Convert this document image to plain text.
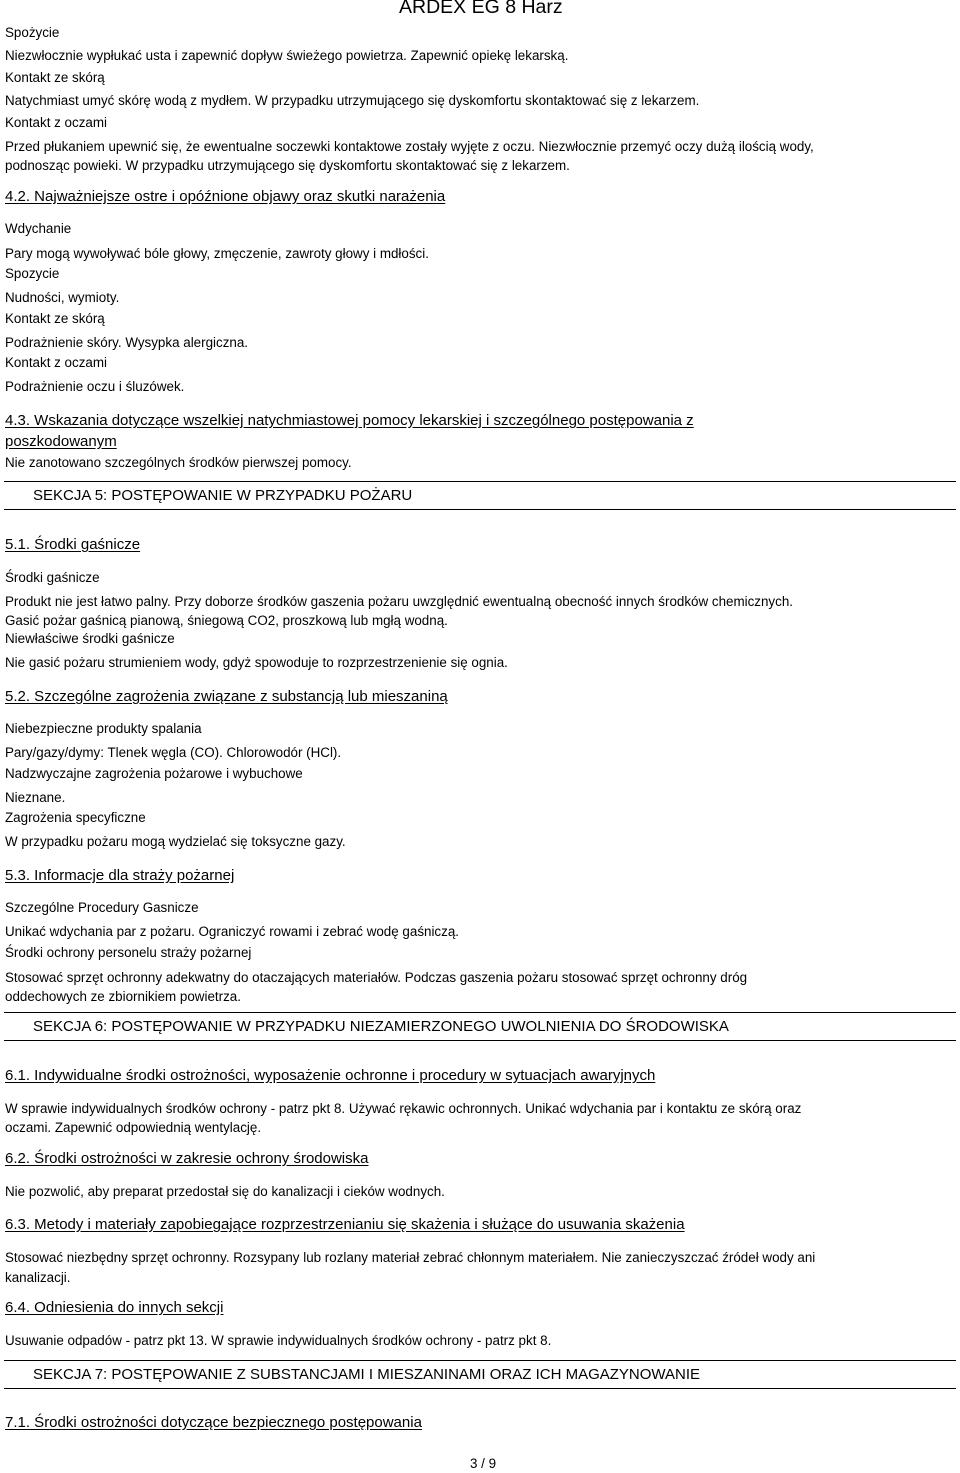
ARDEX EG 8 Harz
Spożycie
Niezwłocznie wypłukać usta i zapewnić dopływ świeżego powietrza. Zapewnić opiekę lekarską.
Kontakt ze skórą
Natychmiast umyć skórę wodą z mydłem. W przypadku utrzymującego się dyskomfortu skontaktować się z lekarzem.
Kontakt z oczami
Przed płukaniem upewnić się, że ewentualne soczewki kontaktowe zostały wyjęte z oczu. Niezwłocznie przemyć oczy dużą ilością wody,
podnosząc powieki. W przypadku utrzymującego się dyskomfortu skontaktować się z lekarzem.
4.2. Najważniejsze ostre i opóźnione objawy oraz skutki narażenia
Wdychanie
Pary mogą wywoływać bóle głowy, zmęczenie, zawroty głowy i mdłości.
Spozycie
Nudności, wymioty.
Kontakt ze skórą
Podrażnienie skóry. Wysypka alergiczna.
Kontakt z oczami
Podrażnienie oczu i śluzówek.
4.3. Wskazania dotyczące wszelkiej natychmiastowej pomocy lekarskiej i szczególnego postępowania z
poszkodowanym
Nie zanotowano szczególnych środków pierwszej pomocy.
SEKCJA 5: POSTĘPOWANIE W PRZYPADKU POŻARU
5.1. Środki gaśnicze
Środki gaśnicze
Produkt nie jest łatwo palny. Przy doborze środków gaszenia pożaru uwzględnić ewentualną obecność innych środków chemicznych.
Gasić pożar gaśnicą pianową, śniegową CO2, proszkową lub mgłą wodną.
Niewłaściwe środki gaśnicze
Nie gasić pożaru strumieniem wody, gdyż spowoduje to rozprzestrzenienie się ognia.
5.2. Szczególne zagrożenia związane z substancją lub mieszaniną
Niebezpieczne produkty spalania
Pary/gazy/dymy: Tlenek węgla (CO). Chlorowodór (HCl).
Nadzwyczajne zagrożenia pożarowe i wybuchowe
Nieznane.
Zagrożenia specyficzne
W przypadku pożaru mogą wydzielać się toksyczne gazy.
5.3. Informacje dla straży pożarnej
Szczególne Procedury Gasnicze
Unikać wdychania par z pożaru. Ograniczyć rowami i zebrać wodę gaśniczą.
Środki ochrony personelu straży pożarnej
Stosować sprzęt ochronny adekwatny do otaczających materiałów. Podczas gaszenia pożaru stosować sprzęt ochronny dróg
oddechowych ze zbiornikiem powietrza.
SEKCJA 6: POSTĘPOWANIE W PRZYPADKU NIEZAMIERZONEGO UWOLNIENIA DO ŚRODOWISKA
6.1. Indywidualne środki ostrożności, wyposażenie ochronne i procedury w sytuacjach awaryjnych
W sprawie indywidualnych środków ochrony - patrz pkt 8. Używać rękawic ochronnych. Unikać wdychania par i kontaktu ze skórą oraz
oczami. Zapewnić odpowiednią wentylację.
6.2. Środki ostrożności w zakresie ochrony środowiska
Nie pozwolić, aby preparat przedostał się do kanalizacji i cieków wodnych.
6.3. Metody i materiały zapobiegające rozprzestrzenianiu się skażenia i służące do usuwania skażenia
Stosować niezbędny sprzęt ochronny. Rozsypany lub rozlany materiał zebrać chłonnym materiałem. Nie zanieczyszczać źródeł wody ani
kanalizacji.
6.4. Odniesienia do innych sekcji
Usuwanie odpadów - patrz pkt 13. W sprawie indywidualnych środków ochrony - patrz pkt 8.
SEKCJA 7: POSTĘPOWANIE Z SUBSTANCJAMI I MIESZANINAMI ORAZ ICH MAGAZYNOWANIE
7.1. Środki ostrożności dotyczące bezpiecznego postępowania
3 / 9
